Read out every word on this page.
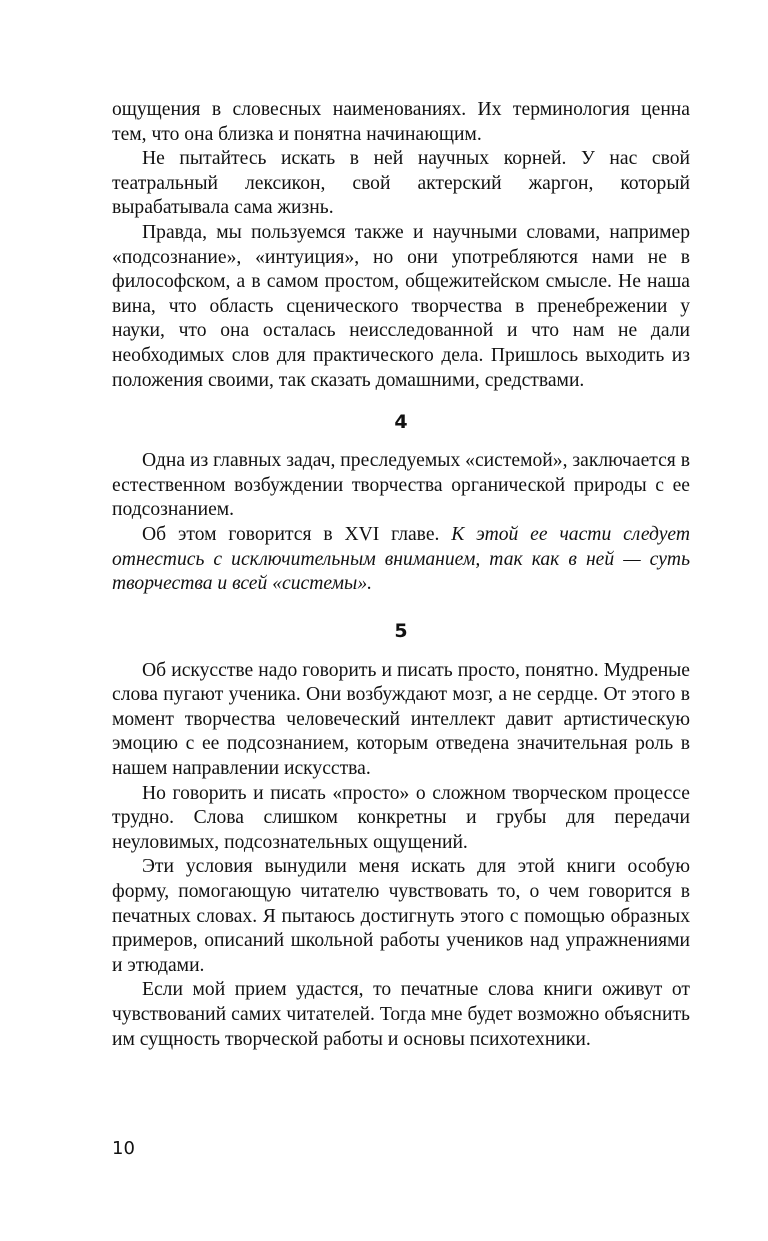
ощущения в словесных наименованиях. Их терминология ценна тем, что она близка и понятна начинающим.

Не пытайтесь искать в ней научных корней. У нас свой театральный лексикон, свой актерский жаргон, который вырабатывала сама жизнь.

Правда, мы пользуемся также и научными словами, например «подсознание», «интуиция», но они употребляются нами не в философском, а в самом простом, общежитейском смысле. Не наша вина, что область сценического творчества в пренебрежении у науки, что она осталась неисследованной и что нам не дали необходимых слов для практического дела. Пришлось выходить из положения своими, так сказать домашними, средствами.

4

Одна из главных задач, преследуемых «системой», заключается в естественном возбуждении творчества органической природы с ее подсознанием.

Об этом говорится в XVI главе. К этой ее части следует отнестись с исключительным вниманием, так как в ней — суть творчества и всей «системы».

5

Об искусстве надо говорить и писать просто, понятно. Мудреные слова пугают ученика. Они возбуждают мозг, а не сердце. От этого в момент творчества человеческий интеллект давит артистическую эмоцию с ее подсознанием, которым отведена значительная роль в нашем направлении искусства.

Но говорить и писать «просто» о сложном творческом процессе трудно. Слова слишком конкретны и грубы для передачи неуловимых, подсознательных ощущений.

Эти условия вынудили меня искать для этой книги особую форму, помогающую читателю чувствовать то, о чем говорится в печатных словах. Я пытаюсь достигнуть этого с помощью образных примеров, описаний школьной работы учеников над упражнениями и этюдами.

Если мой прием удастся, то печатные слова книги оживут от чувствований самих читателей. Тогда мне будет возможно объяснить им сущность творческой работы и основы психотехники.

10
